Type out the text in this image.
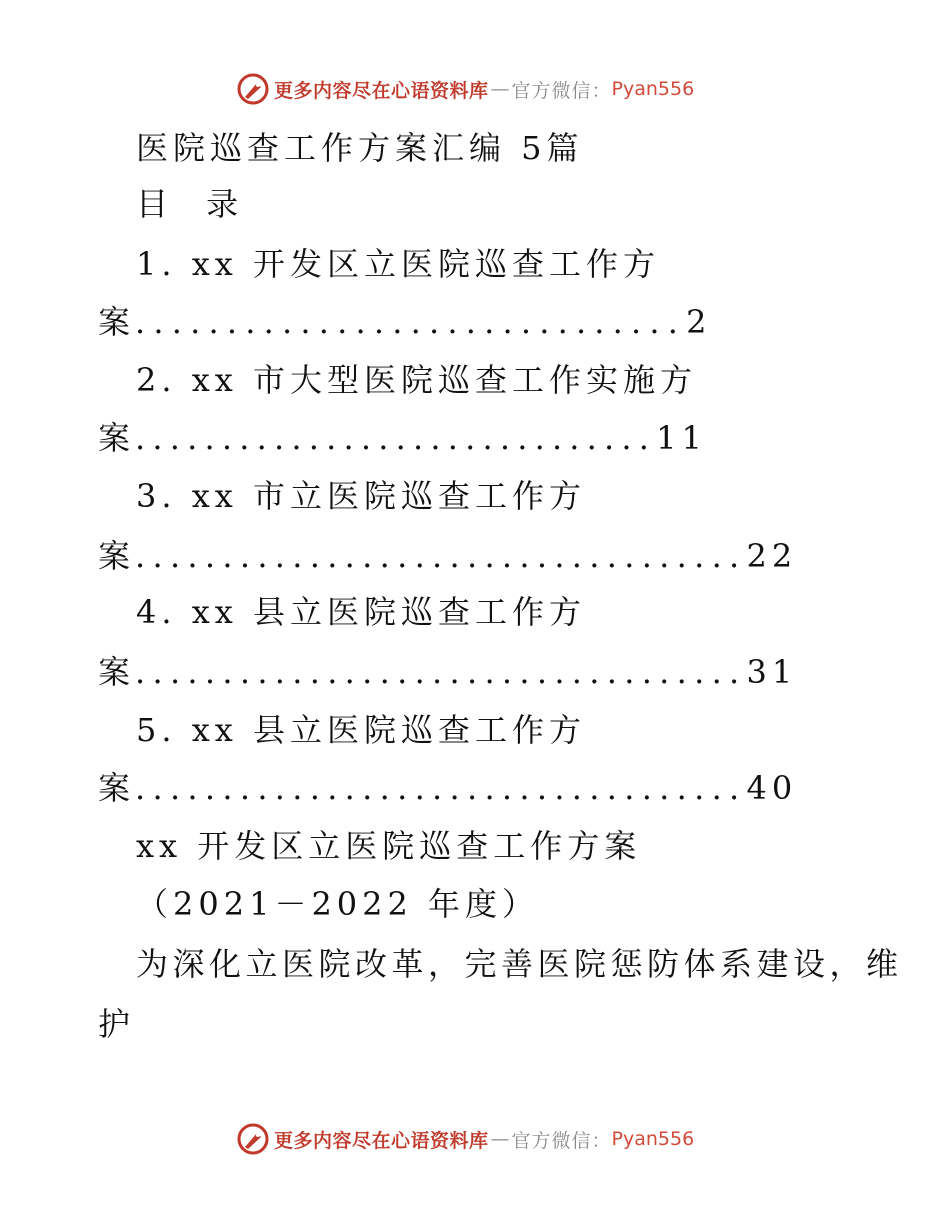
更多内容尽在心语资料库 — 官方微信： Pyan556
医院巡查工作方案汇编 5篇
目 录
1. xx 开发区立医院巡查工作方
案..............................2
2. xx 市大型医院巡查工作实施方
案..............................11
3. xx 市立医院巡查工作方
案...................................22
4. xx 县立医院巡查工作方
案...................................31
5. xx 县立医院巡查工作方
案...................................40
xx 开发区立医院巡查工作方案
（2021－2022 年度）
为深化立医院改革，完善医院惩防体系建设，维
护
更多内容尽在心语资料库 — 官方微信： Pyan556
